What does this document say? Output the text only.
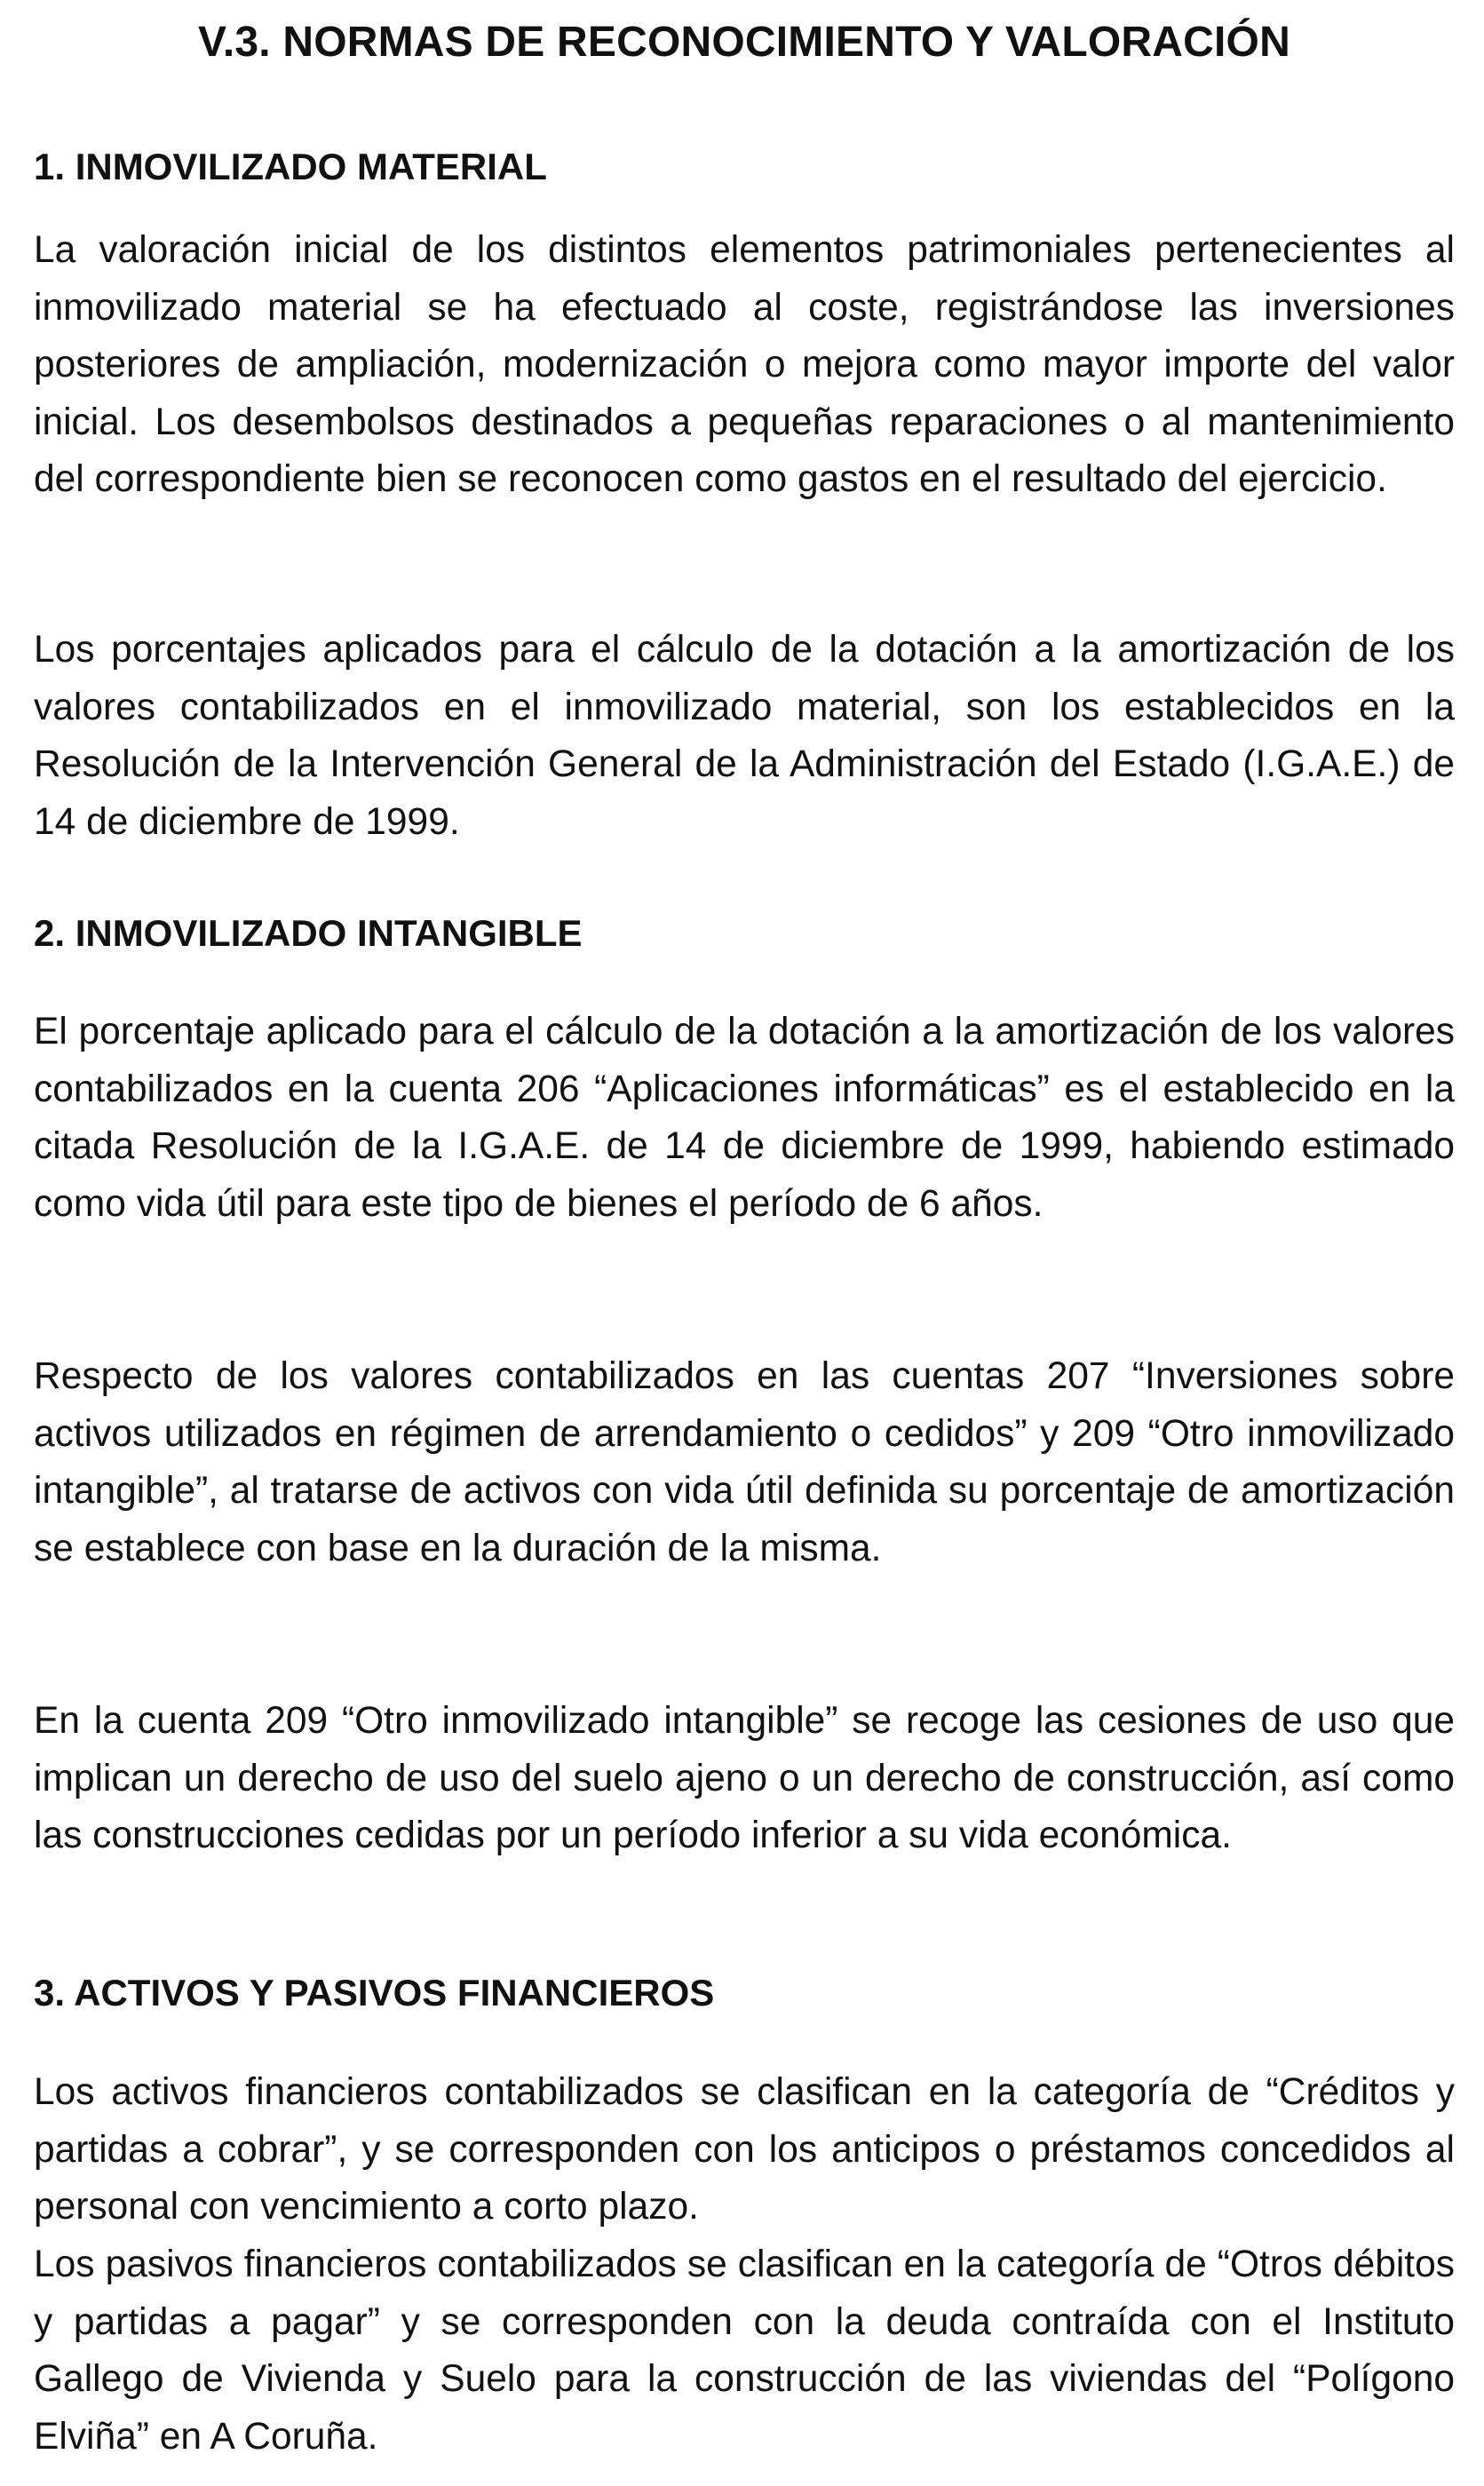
V.3. NORMAS DE RECONOCIMIENTO Y VALORACIÓN
1. INMOVILIZADO MATERIAL

La valoración inicial de los distintos elementos patrimoniales pertenecientes al inmovilizado material se ha efectuado al coste, registrándose las inversiones posteriores de ampliación, modernización o mejora como mayor importe del valor inicial. Los desembolsos destinados a pequeñas reparaciones o al mantenimiento del correspondiente bien se reconocen como gastos en el resultado del ejercicio.

Los porcentajes aplicados para el cálculo de la dotación a la amortización de los valores contabilizados en el inmovilizado material, son los establecidos en la Resolución de la Intervención General de la Administración del Estado (I.G.A.E.) de 14 de diciembre de 1999.

2. INMOVILIZADO INTANGIBLE

El porcentaje aplicado para el cálculo de la dotación a la amortización de los valores contabilizados en la cuenta 206 “Aplicaciones informáticas” es el establecido en la citada Resolución de la I.G.A.E. de 14 de diciembre de 1999, habiendo estimado como vida útil para este tipo de bienes el período de 6 años.

Respecto de los valores contabilizados en las cuentas 207 “Inversiones sobre activos utilizados en régimen de arrendamiento o cedidos” y 209 “Otro inmovilizado intangible”, al tratarse de activos con vida útil definida su porcentaje de amortización se establece con base en la duración de la misma.

En la cuenta 209 “Otro inmovilizado intangible” se recoge las cesiones de uso que implican un derecho de uso del suelo ajeno o un derecho de construcción, así como las construcciones cedidas por un período inferior a su vida económica.

3. ACTIVOS Y PASIVOS FINANCIEROS

Los activos financieros contabilizados se clasifican en la categoría de “Créditos y partidas a cobrar”, y se corresponden con los anticipos o préstamos concedidos al personal con vencimiento a corto plazo.

Los pasivos financieros contabilizados se clasifican en la categoría de “Otros débitos y partidas a pagar” y se corresponden con la deuda contraída con el Instituto Gallego de Vivienda y Suelo para la construcción de las viviendas del “Polígono Elviña” en A Coruña.
